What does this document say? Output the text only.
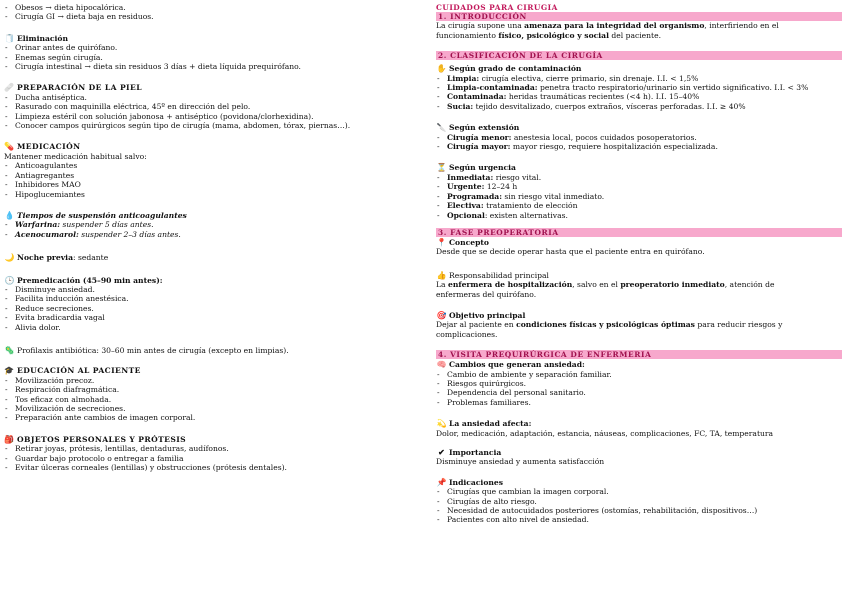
- Obesos → dieta hipocalórica.
- Cirugía GI → dieta baja en residuos.
🧻 Eliminación
- Orinar antes de quirófano.
- Enemas según cirugía.
- Cirugía intestinal → dieta sin residuos 3 días + dieta líquida prequirófano.
🩹 PREPARACIÓN DE LA PIEL
- Ducha antiséptica.
- Rasurado con maquinilla eléctrica, 45º en dirección del pelo.
- Limpieza estéril con solución jabonosa + antiséptico (povidona/clorhexidina).
- Conocer campos quirúrgicos según tipo de cirugía (mama, abdomen, tórax, piernas…).
💊 MEDICACIÓN
Mantener medicación habitual salvo:
- Anticoagulantes
- Antiagregantes
- Inhibidores MAO
- Hipoglucemiantes
💧 Tiempos de suspensión anticoagulantes
- Warfarina: suspender 5 días antes.
- Acenocumarol: suspender 2–3 días antes.
🌙 Noche previa: sedante
🕒 Premedicación (45–90 min antes):
- Disminuye ansiedad.
- Facilita inducción anestésica.
- Reduce secreciones.
- Evita bradicardia vagal
- Alivia dolor.
🦠 Profilaxis antibiótica: 30–60 min antes de cirugía (excepto en limpias).
🎓 EDUCACIÓN AL PACIENTE
- Movilización precoz.
- Respiración diafragmática.
- Tos eficaz con almohada.
- Movilización de secreciones.
- Preparación ante cambios de imagen corporal.
🎒 OBJETOS PERSONALES Y PRÓTESIS
- Retirar joyas, prótesis, lentillas, dentaduras, audífonos.
- Guardar bajo protocolo o entregar a familia
- Evitar úlceras corneales (lentillas) y obstrucciones (prótesis dentales).
CUIDADOS PARA CIRUGIA
1. INTRODUCCIÓN
La cirugía supone una amenaza para la integridad del organismo, interfiriendo en el
funcionamiento físico, psicológico y social del paciente.
2. CLASIFICACIÓN DE LA CIRUGÍA
✋ Según grado de contaminación
- Limpia: cirugía electiva, cierre primario, sin drenaje. I.I. < 1,5%
- Limpia-contaminada: penetra tracto respiratorio/urinario sin vertido significativo. I.I. < 3%
- Contaminada: heridas traumáticas recientes (<4 h). I.I. 15–40%
- Sucia: tejido desvitalizado, cuerpos extraños, vísceras perforadas. I.I. ≥ 40%
🔪 Según extensión
- Cirugía menor: anestesia local, pocos cuidados posoperatorios.
- Cirugía mayor: mayor riesgo, requiere hospitalización especializada.
⏳ Según urgencia
- Inmediata: riesgo vital.
- Urgente: 12–24 h
- Programada: sin riesgo vital inmediato.
- Electiva: tratamiento de elección
- Opcional: existen alternativas.
3. FASE PREOPERATORIA
📍 Concepto
Desde que se decide operar hasta que el paciente entra en quirófano.
👍 Responsabilidad principal
La enfermera de hospitalización, salvo en el preoperatorio inmediato, atención de
enfermeras del quirófano.
🎯 Objetivo principal
Dejar al paciente en condiciones físicas y psicológicas óptimas para reducir riesgos y
complicaciones.
4. VISITA PREQUIRÚRGICA DE ENFERMERIA
🧠 Cambios que generan ansiedad:
- Cambio de ambiente y separación familiar.
- Riesgos quirúrgicos.
- Dependencia del personal sanitario.
- Problemas familiares.
💫 La ansiedad afecta:
Dolor, medicación, adaptación, estancia, náuseas, complicaciones, FC, TA, temperatura
✔ Importancia
Disminuye ansiedad y aumenta satisfacción
📌 Indicaciones
- Cirugías que cambian la imagen corporal.
- Cirugías de alto riesgo.
- Necesidad de autocuidados posteriores (ostomías, rehabilitación, dispositivos…)
- Pacientes con alto nivel de ansiedad.
